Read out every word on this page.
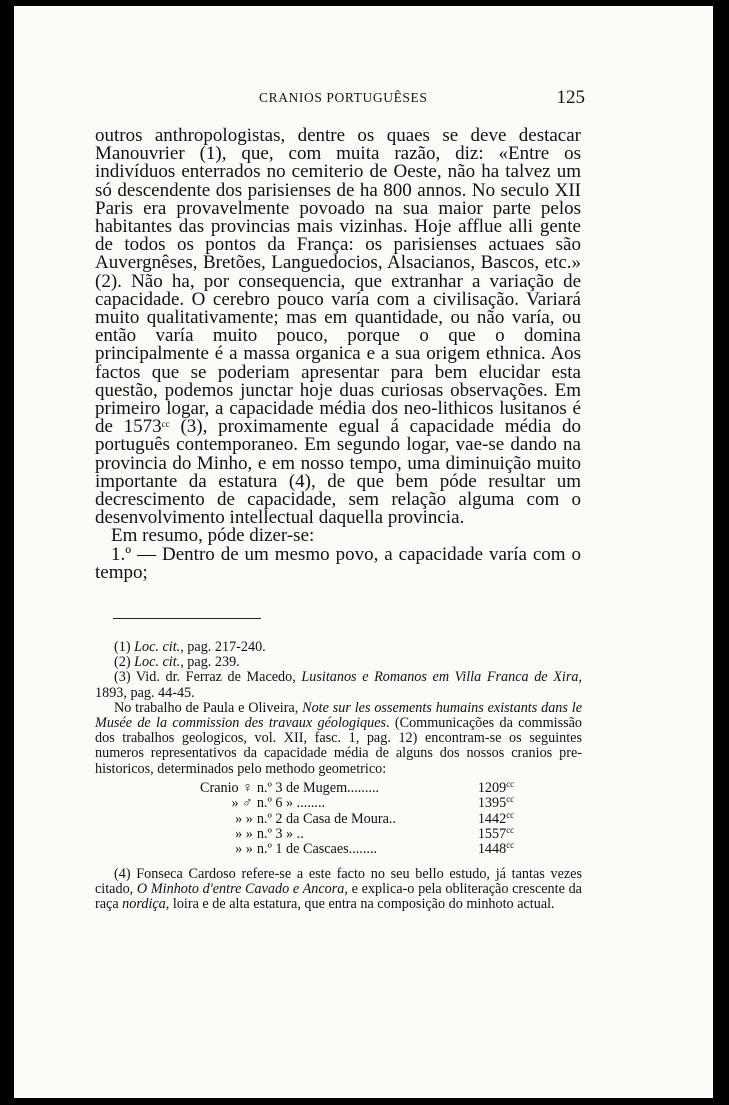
CRANIOS PORTUGUÊSES	125

outros anthropologistas, dentre os quaes se deve destacar Manouvrier (1), que, com muita razão, diz: «Entre os indivíduos enterrados no cemiterio de Oeste, não ha talvez um só descendente dos parisienses de ha 800 annos. No seculo XII Paris era provavelmente povoado na sua maior parte pelos habitantes das provincias mais vizinhas. Hoje afflue alli gente de todos os pontos da França: os parisienses actuaes são Auvergnêses, Bretões, Languedocios, Alsacianos, Bascos, etc.» (2). Não ha, por consequencia, que extranhar a variação de capacidade. O cerebro pouco varía com a civilisação. Variará muito qualitativamente; mas em quantidade, ou não varía, ou então varía muito pouco, porque o que o domina principalmente é a massa organica e a sua origem ethnica. Aos factos que se poderiam apresentar para bem elucidar esta questão, podemos junctar hoje duas curiosas observações. Em primeiro logar, a capacidade média dos neo-lithicos lusitanos é de $1573^{cc}$ (3), proximamente egual á capacidade média do português contemporaneo. Em segundo logar, vae-se dando na provincia do Minho, e em nosso tempo, uma diminuição muito importante da estatura (4), de que bem póde resultar um decrescimento de capacidade, sem relação alguma com o desenvolvimento intellectual daquella provincia.

Em resumo, póde dizer-se:

1.º — Dentro de um mesmo povo, a capacidade varía com o tempo;

(1) Loc. cit., pag. 217-240.

(2) Loc. cit., pag. 239.

(3) Vid. dr. Ferraz de Macedo, Lusitanos e Romanos em Villa Franca de Xira, 1893, pag. 44-45.

No trabalho de Paula e Oliveira, Note sur les ossements humains existants dans le Musée de la commission des travaux géologiques. (Communicações da commissão dos trabalhos geologicos, vol. XII, fasc. 1, pag. 12) encontram-se os seguintes numeros representativos da capacidade média de alguns dos nossos cranios pre-historicos, determinados pelo methodo geometrico:

Cranio ♀	n.º 3 de Mugem.........	$1209^{cc}$
» ♂	n.º 6 » ........	$1395^{cc}$
» »	n.º 2 da Casa de Moura..	$1442^{cc}$
» »	n.º 3 » ..	$1557^{cc}$
» »	n.º 1 de Cascaes........	$1448^{cc}$

(4) Fonseca Cardoso refere-se a este facto no seu bello estudo, já tantas vezes citado, O Minhoto d'entre Cavado e Ancora, e explica-o pela obliteração crescente da raça nordiça, loira e de alta estatura, que entra na composição do minhoto actual.
